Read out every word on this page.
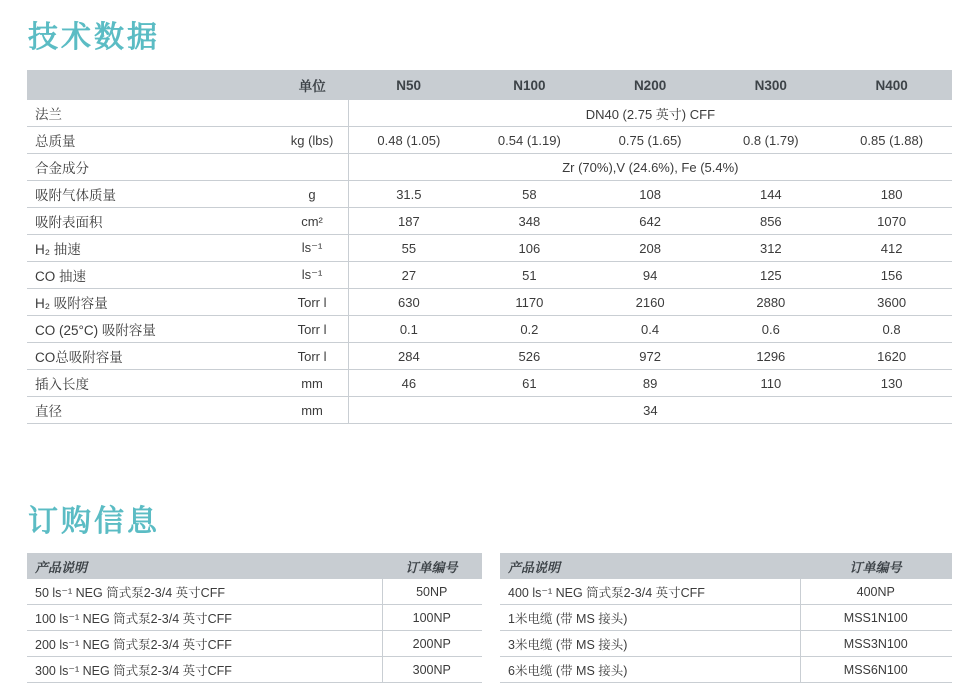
技术数据
	单位	N50	N100	N200	N300	N400
法兰		DN40 (2.75 英寸) CFF				
总质量	kg (lbs)	0.48 (1.05)	0.54 (1.19)	0.75 (1.65)	0.8 (1.79)	0.85 (1.88)
合金成分		Zr (70%),V (24.6%), Fe (5.4%)				
吸附气体质量	g	31.5	58	108	144	180
吸附表面积	cm²	187	348	642	856	1070
H₂ 抽速	ls⁻¹	55	106	208	312	412
CO 抽速	ls⁻¹	27	51	94	125	156
H₂ 吸附容量	Torr l	630	1170	2160	2880	3600
CO (25°C) 吸附容量	Torr l	0.1	0.2	0.4	0.6	0.8
CO总吸附容量	Torr l	284	526	972	1296	1620
插入长度	mm	46	61	89	110	130
直径	mm	34				
订购信息
产品说明	订单编号
50 ls⁻¹ NEG 筒式泵2-3/4 英寸CFF	50NP
100 ls⁻¹ NEG 筒式泵2-3/4 英寸CFF	100NP
200 ls⁻¹ NEG 筒式泵2-3/4 英寸CFF	200NP
300 ls⁻¹ NEG 筒式泵2-3/4 英寸CFF	300NP
产品说明	订单编号
400 ls⁻¹ NEG 筒式泵2-3/4 英寸CFF	400NP
1米电缆 (带 MS 接头)	MSS1N100
3米电缆 (带 MS 接头)	MSS3N100
6米电缆 (带 MS 接头)	MSS6N100
